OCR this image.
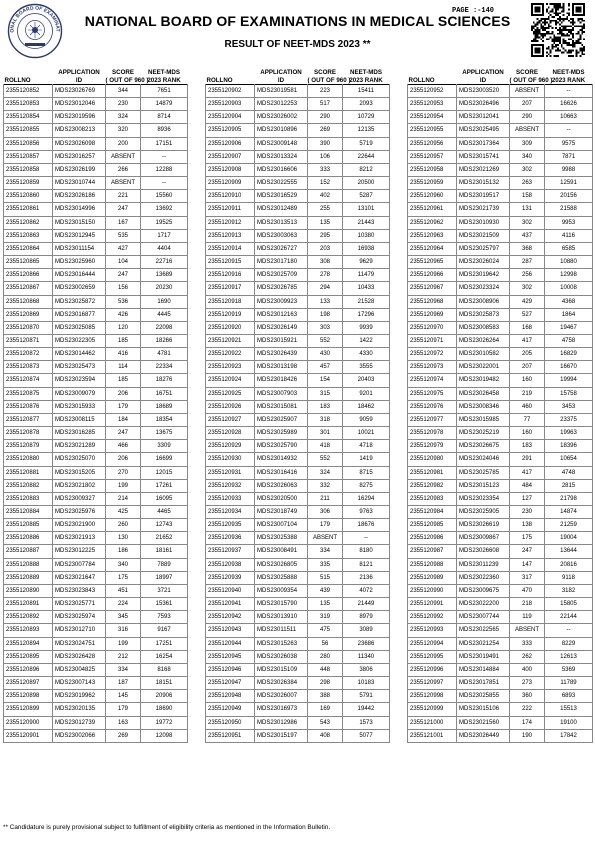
ONAL BOARD OF EXAMINAT
PAGE :-140
NATIONAL BOARD OF EXAMINATIONS IN MEDICAL SCIENCES
RESULT OF NEET-MDS 2023 **

ROLLNO	APPLICATION
ID	SCORE
( OUT OF 960 )	NEET-MDS
2023 RANK		ROLLNO	APPLICATION
ID	SCORE
( OUT OF 960 )	NEET-MDS
2023 RANK		ROLLNO	APPLICATION
ID	SCORE
( OUT OF 960 )	NEET-MDS
2023 RANK
2355120852	MDS23026769	344	7651		2355120902	MDS23019581	223	15411		2355120952	MDS23003520	ABSENT	--
2355120853	MDS23012046	230	14879		2355120903	MDS23012253	517	2093		2355120953	MDS23026496	207	16626
2355120854	MDS23019596	324	8714		2355120904	MDS23026002	290	10729		2355120954	MDS23012041	290	10663
2355120855	MDS23008213	320	8936		2355120905	MDS23010896	269	12135		2355120955	MDS23025495	ABSENT	--
2355120856	MDS23026098	200	17151		2355120906	MDS23009148	390	5719		2355120956	MDS23017364	309	9575
2355120857	MDS23016257	ABSENT	--		2355120907	MDS23013324	106	22644		2355120957	MDS23015741	340	7871
2355120858	MDS23026199	266	12288		2355120908	MDS23016606	333	8212		2355120958	MDS23021269	302	9988
2355120859	MDS23010744	ABSENT	--		2355120909	MDS23022555	152	20500		2355120959	MDS23015132	263	12591
2355120860	MDS23026186	221	15560		2355120910	MDS23016529	402	5287		2355120960	MDS23019517	158	20156
2355120861	MDS23014996	247	13692		2355120911	MDS23012489	255	13101		2355120961	MDS23021739	131	21588
2355120862	MDS23015150	167	19525		2355120912	MDS23013513	135	21443		2355120962	MDS23010930	302	9953
2355120863	MDS23012945	535	1717		2355120913	MDS23003063	295	10380		2355120963	MDS23021509	437	4116
2355120864	MDS23011154	427	4404		2355120914	MDS23026727	203	16938		2355120964	MDS23025797	368	6585
2355120865	MDS23025960	104	22716		2355120915	MDS23017180	308	9629		2355120965	MDS23026024	287	10880
2355120866	MDS23016444	247	13689		2355120916	MDS23025709	278	11479		2355120966	MDS23019642	256	12998
2355120867	MDS23002659	156	20230		2355120917	MDS23026785	294	10433		2355120967	MDS23023324	302	10008
2355120868	MDS23025872	536	1690		2355120918	MDS23009923	133	21528		2355120968	MDS23008906	429	4368
2355120869	MDS23016877	426	4445		2355120919	MDS23012163	198	17296		2355120969	MDS23025873	527	1864
2355120870	MDS23025085	120	22098		2355120920	MDS23026149	303	9939		2355120970	MDS23008583	168	19467
2355120871	MDS23022305	185	18266		2355120921	MDS23015921	552	1422		2355120971	MDS23026264	417	4758
2355120872	MDS23014462	416	4781		2355120922	MDS23026439	430	4330		2355120972	MDS23010582	205	16829
2355120873	MDS23025473	114	22334		2355120923	MDS23013198	457	3555		2355120973	MDS23022001	207	16670
2355120874	MDS23023594	185	18276		2355120924	MDS23018426	154	20403		2355120974	MDS23019482	160	19994
2355120875	MDS23009079	206	16751		2355120925	MDS23007903	315	9201		2355120975	MDS23026458	219	15758
2355120876	MDS23015933	179	18689		2355120926	MDS23015081	183	18462		2355120976	MDS23008346	460	3453
2355120877	MDS23008115	184	18354		2355120927	MDS23025907	318	9059		2355120977	MDS23015985	77	23375
2355120878	MDS23016285	247	13675		2355120928	MDS23025989	301	10021		2355120978	MDS23025219	160	19963
2355120879	MDS23021289	466	3309		2355120929	MDS23025790	418	4718		2355120979	MDS23026675	183	18396
2355120880	MDS23025070	206	16699		2355120930	MDS23014932	552	1419		2355120980	MDS23024046	291	10654
2355120881	MDS23015205	270	12015		2355120931	MDS23016416	324	8715		2355120981	MDS23025785	417	4748
2355120882	MDS23021802	199	17261		2355120932	MDS23026063	332	8275		2355120982	MDS23015123	484	2815
2355120883	MDS23009327	214	16095		2355120933	MDS23020500	211	16294		2355120983	MDS23023354	127	21798
2355120884	MDS23025976	425	4465		2355120934	MDS23018749	306	9763		2355120984	MDS23025905	230	14874
2355120885	MDS23021900	260	12743		2355120935	MDS23007104	179	18676		2355120985	MDS23026619	138	21259
2355120886	MDS23021913	130	21652		2355120936	MDS23025388	ABSENT	--		2355120986	MDS23009867	175	19004
2355120887	MDS23012225	186	18161		2355120937	MDS23008491	334	8180		2355120987	MDS23026608	247	13644
2355120888	MDS23007784	340	7889		2355120938	MDS23026805	335	8121		2355120988	MDS23011239	147	20816
2355120889	MDS23021647	175	18997		2355120939	MDS23025888	515	2136		2355120989	MDS23022360	317	9118
2355120890	MDS23023843	451	3721		2355120940	MDS23009354	439	4072		2355120990	MDS23009675	470	3182
2355120891	MDS23025771	224	15361		2355120941	MDS23015790	135	21449		2355120991	MDS23022200	218	15805
2355120892	MDS23025974	345	7593		2355120942	MDS23013910	319	8979		2355120992	MDS23007744	119	22144
2355120893	MDS23012710	316	9167		2355120943	MDS23011511	475	3089		2355120993	MDS23022565	ABSENT	--
2355120894	MDS23024751	199	17251		2355120944	MDS23015263	56	23686		2355120994	MDS23021254	333	8229
2355120895	MDS23026428	212	16254		2355120945	MDS23026038	280	11340		2355120995	MDS23019491	262	12613
2355120896	MDS23004825	334	8168		2355120946	MDS23015109	448	3806		2355120996	MDS23014884	400	5369
2355120897	MDS23007143	187	18151		2355120947	MDS23026384	298	10183		2355120997	MDS23017851	273	11789
2355120898	MDS23019962	145	20906		2355120948	MDS23026007	388	5791		2355120998	MDS23025855	360	6893
2355120899	MDS23020135	179	18690		2355120949	MDS23016973	169	19442		2355120999	MDS23015106	222	15513
2355120900	MDS23012739	163	19772		2355120950	MDS23012986	543	1573		2355121000	MDS23021560	174	19100
2355120901	MDS23002066	269	12098		2355120951	MDS23015197	408	5077		2355121001	MDS23026449	190	17842
** Candidature is purely provisional subject to fulfillment of eligibility criteria as mentioned in the Information Bulletin.
